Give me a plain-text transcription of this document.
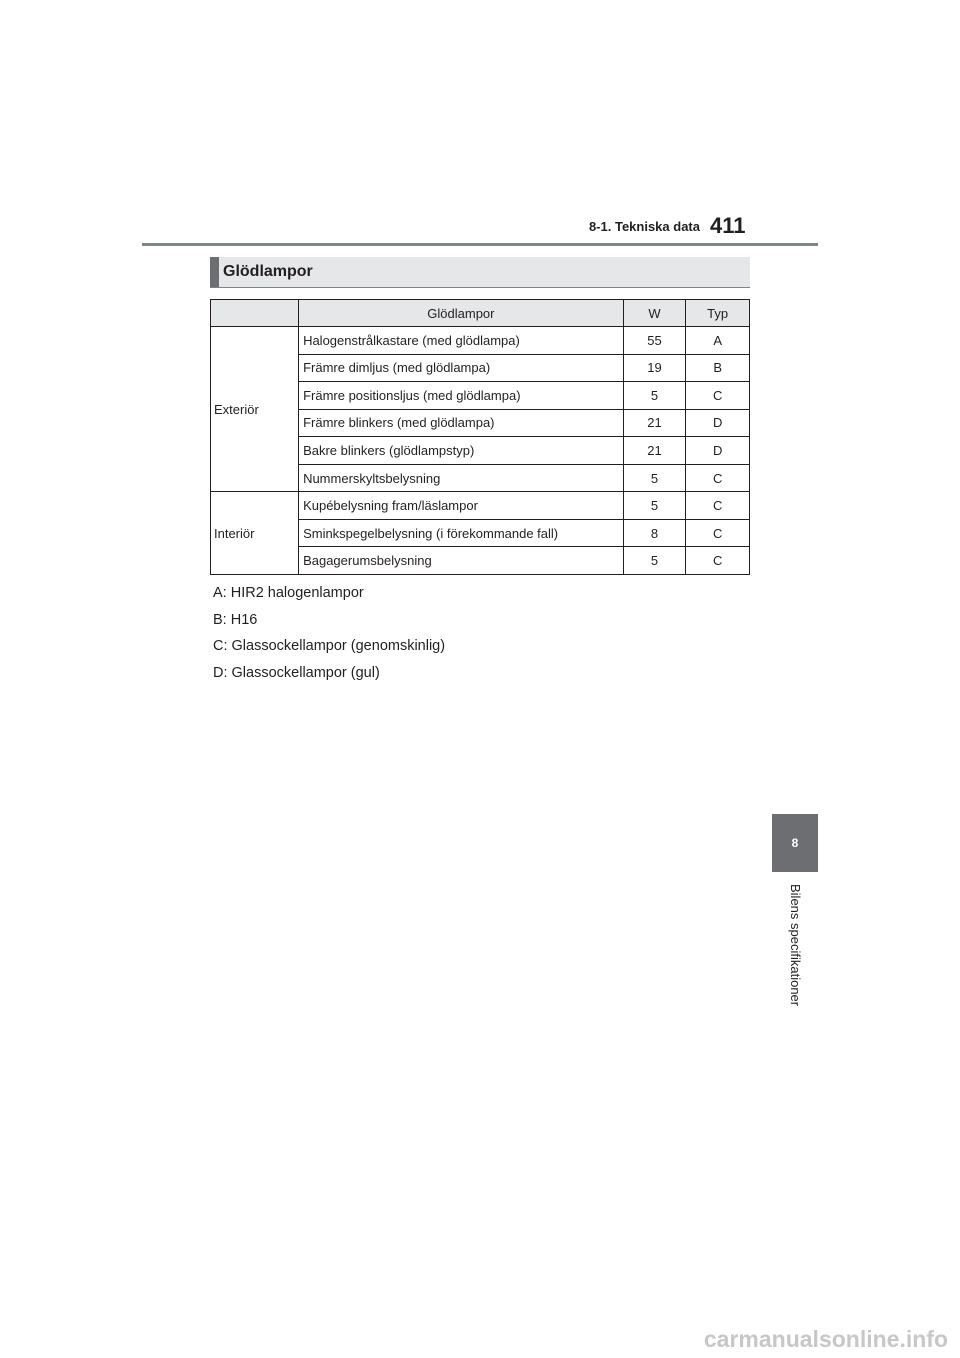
8-1. Tekniska data 411
Glödlampor
	Glödlampor	W	Typ
Exteriör	Halogenstrålkastare (med glödlampa)	55	A
	Främre dimljus (med glödlampa)	19	B
	Främre positionsljus (med glödlampa)	5	C
	Främre blinkers (med glödlampa)	21	D
	Bakre blinkers (glödlampstyp)	21	D
	Nummerskyltsbelysning	5	C
Interiör	Kupébelysning fram/läslampor	5	C
	Sminkspegelbelysning (i förekommande fall)	8	C
	Bagagerumsbelysning	5	C
A: HIR2 halogenlampor
B: H16
C: Glassockellampor (genomskinlig)
D: Glassockellampor (gul)
8
Bilens specifikationer
carmanualsonline.info
